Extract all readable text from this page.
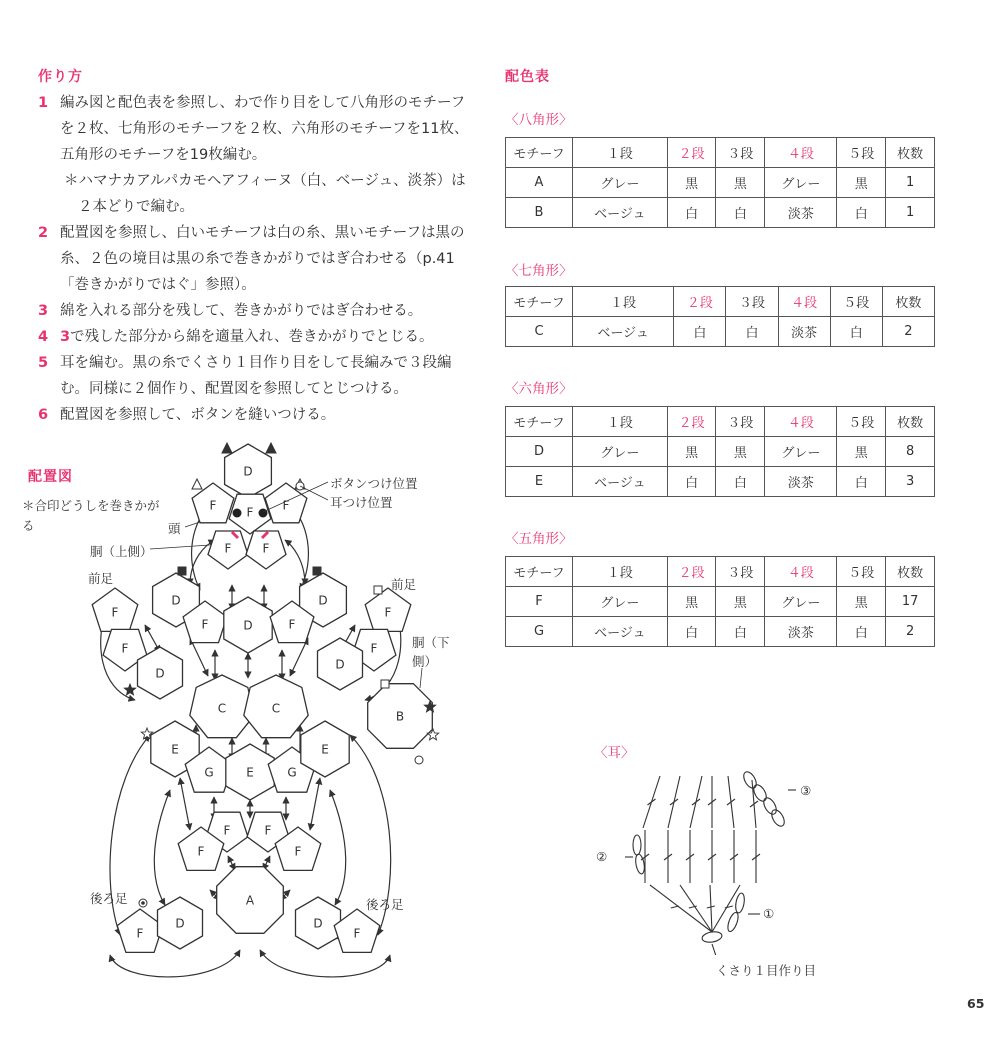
作り方
1 編み図と配色表を参照し、わで作り目をして八角形のモチーフを２枚、七角形のモチーフを２枚、六角形のモチーフを11枚、五角形のモチーフを19枚編む。
＊ハマナカアルパカモヘアフィーヌ（白、ベージュ、淡茶）は２本どりで編む。
2 配置図を参照し、白いモチーフは白の糸、黒いモチーフは黒の糸、２色の境目は黒の糸で巻きかがりではぎ合わせる（p.41「巻きかがりではぐ」参照）。
3 綿を入れる部分を残して、巻きかがりではぎ合わせる。
4 3で残した部分から綿を適量入れ、巻きかがりでとじる。
5 耳を編む。黒の糸でくさり１目作り目をして長編みで３段編む。同様に２個作り、配置図を参照してとじつける。
6 配置図を参照して、ボタンを縫いつける。
配色表
〈八角形〉
モチーフ	１段	２段	３段	４段	５段	枚数
A	グレー	黒	黒	グレー	黒	1
B	ベージュ	白	白	淡茶	白	1
〈七角形〉
モチーフ	１段	２段	３段	４段	５段	枚数
C	ベージュ	白	白	淡茶	白	2
〈六角形〉
モチーフ	１段	２段	３段	４段	５段	枚数
D	グレー	黒	黒	グレー	黒	8
E	ベージュ	白	白	淡茶	白	3
〈五角形〉
モチーフ	１段	２段	３段	４段	５段	枚数
F	グレー	黒	黒	グレー	黒	17
G	ベージュ	白	白	淡茶	白	2
配置図
＊合印どうしを巻きかがる
D
F	F F
F	F
D	D
F	D	F
F
F
D
F
F
D
C	C
B
E
G	E	G
E
F	F
F	F
A
F
D	D
F
ボタンつけ位置
耳つけ位置
頭
胴（上側）
前足	前足
胴（下側）
後ろ足	後ろ足
〈耳〉
③
②
①
くさり１目作り目
65
